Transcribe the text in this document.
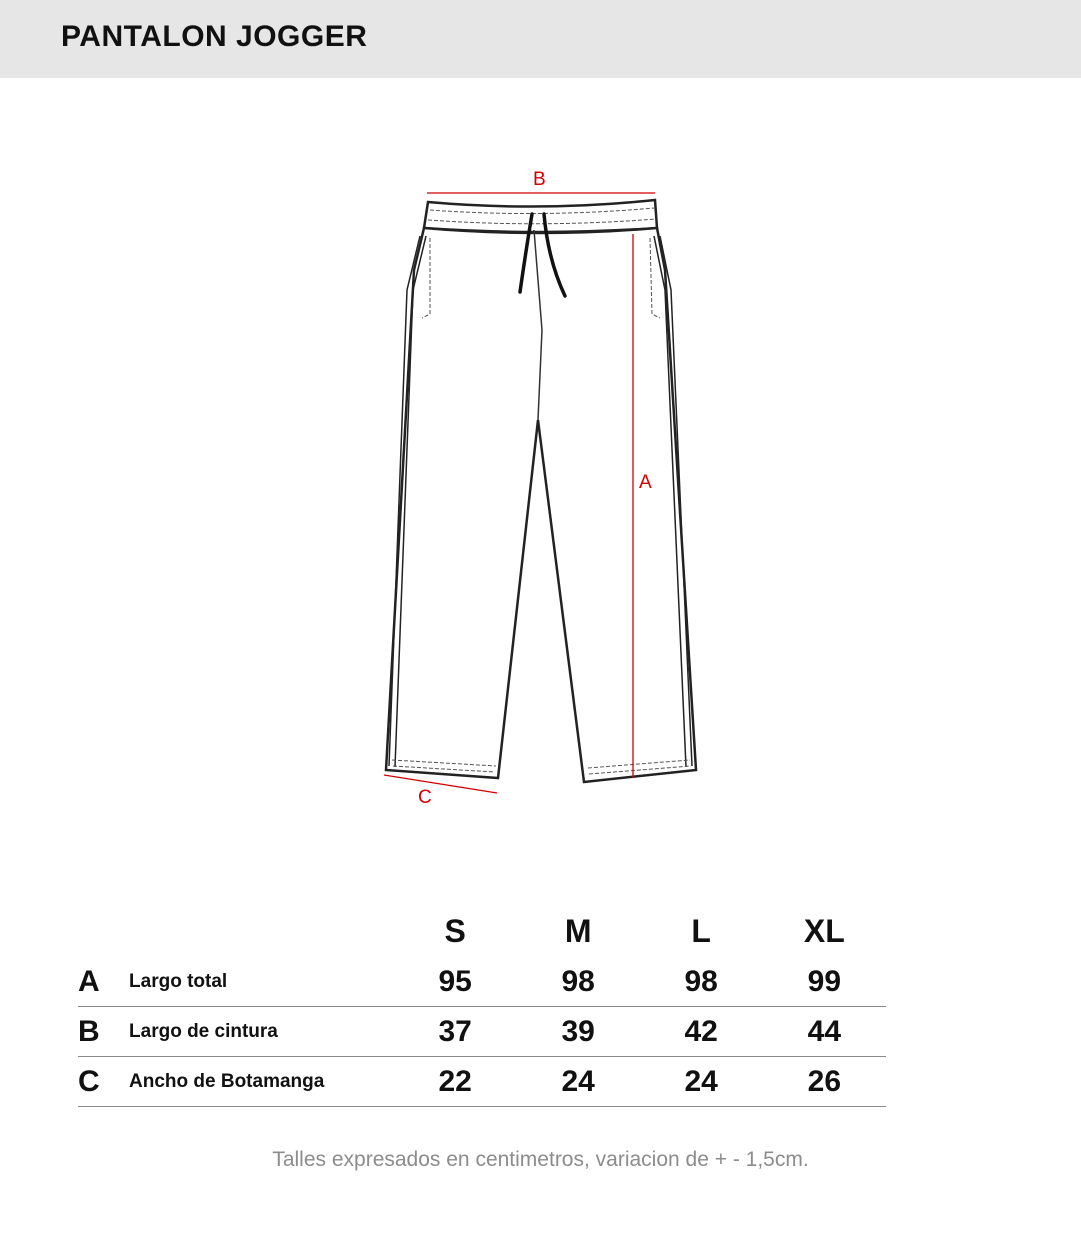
PANTALON JOGGER
B
A
C
		S	M	L	XL
A	Largo total	95	98	98	99
B	Largo de cintura	37	39	42	44
C	Ancho de Botamanga	22	24	24	26
Talles expresados en centimetros, variacion de + - 1,5cm.
